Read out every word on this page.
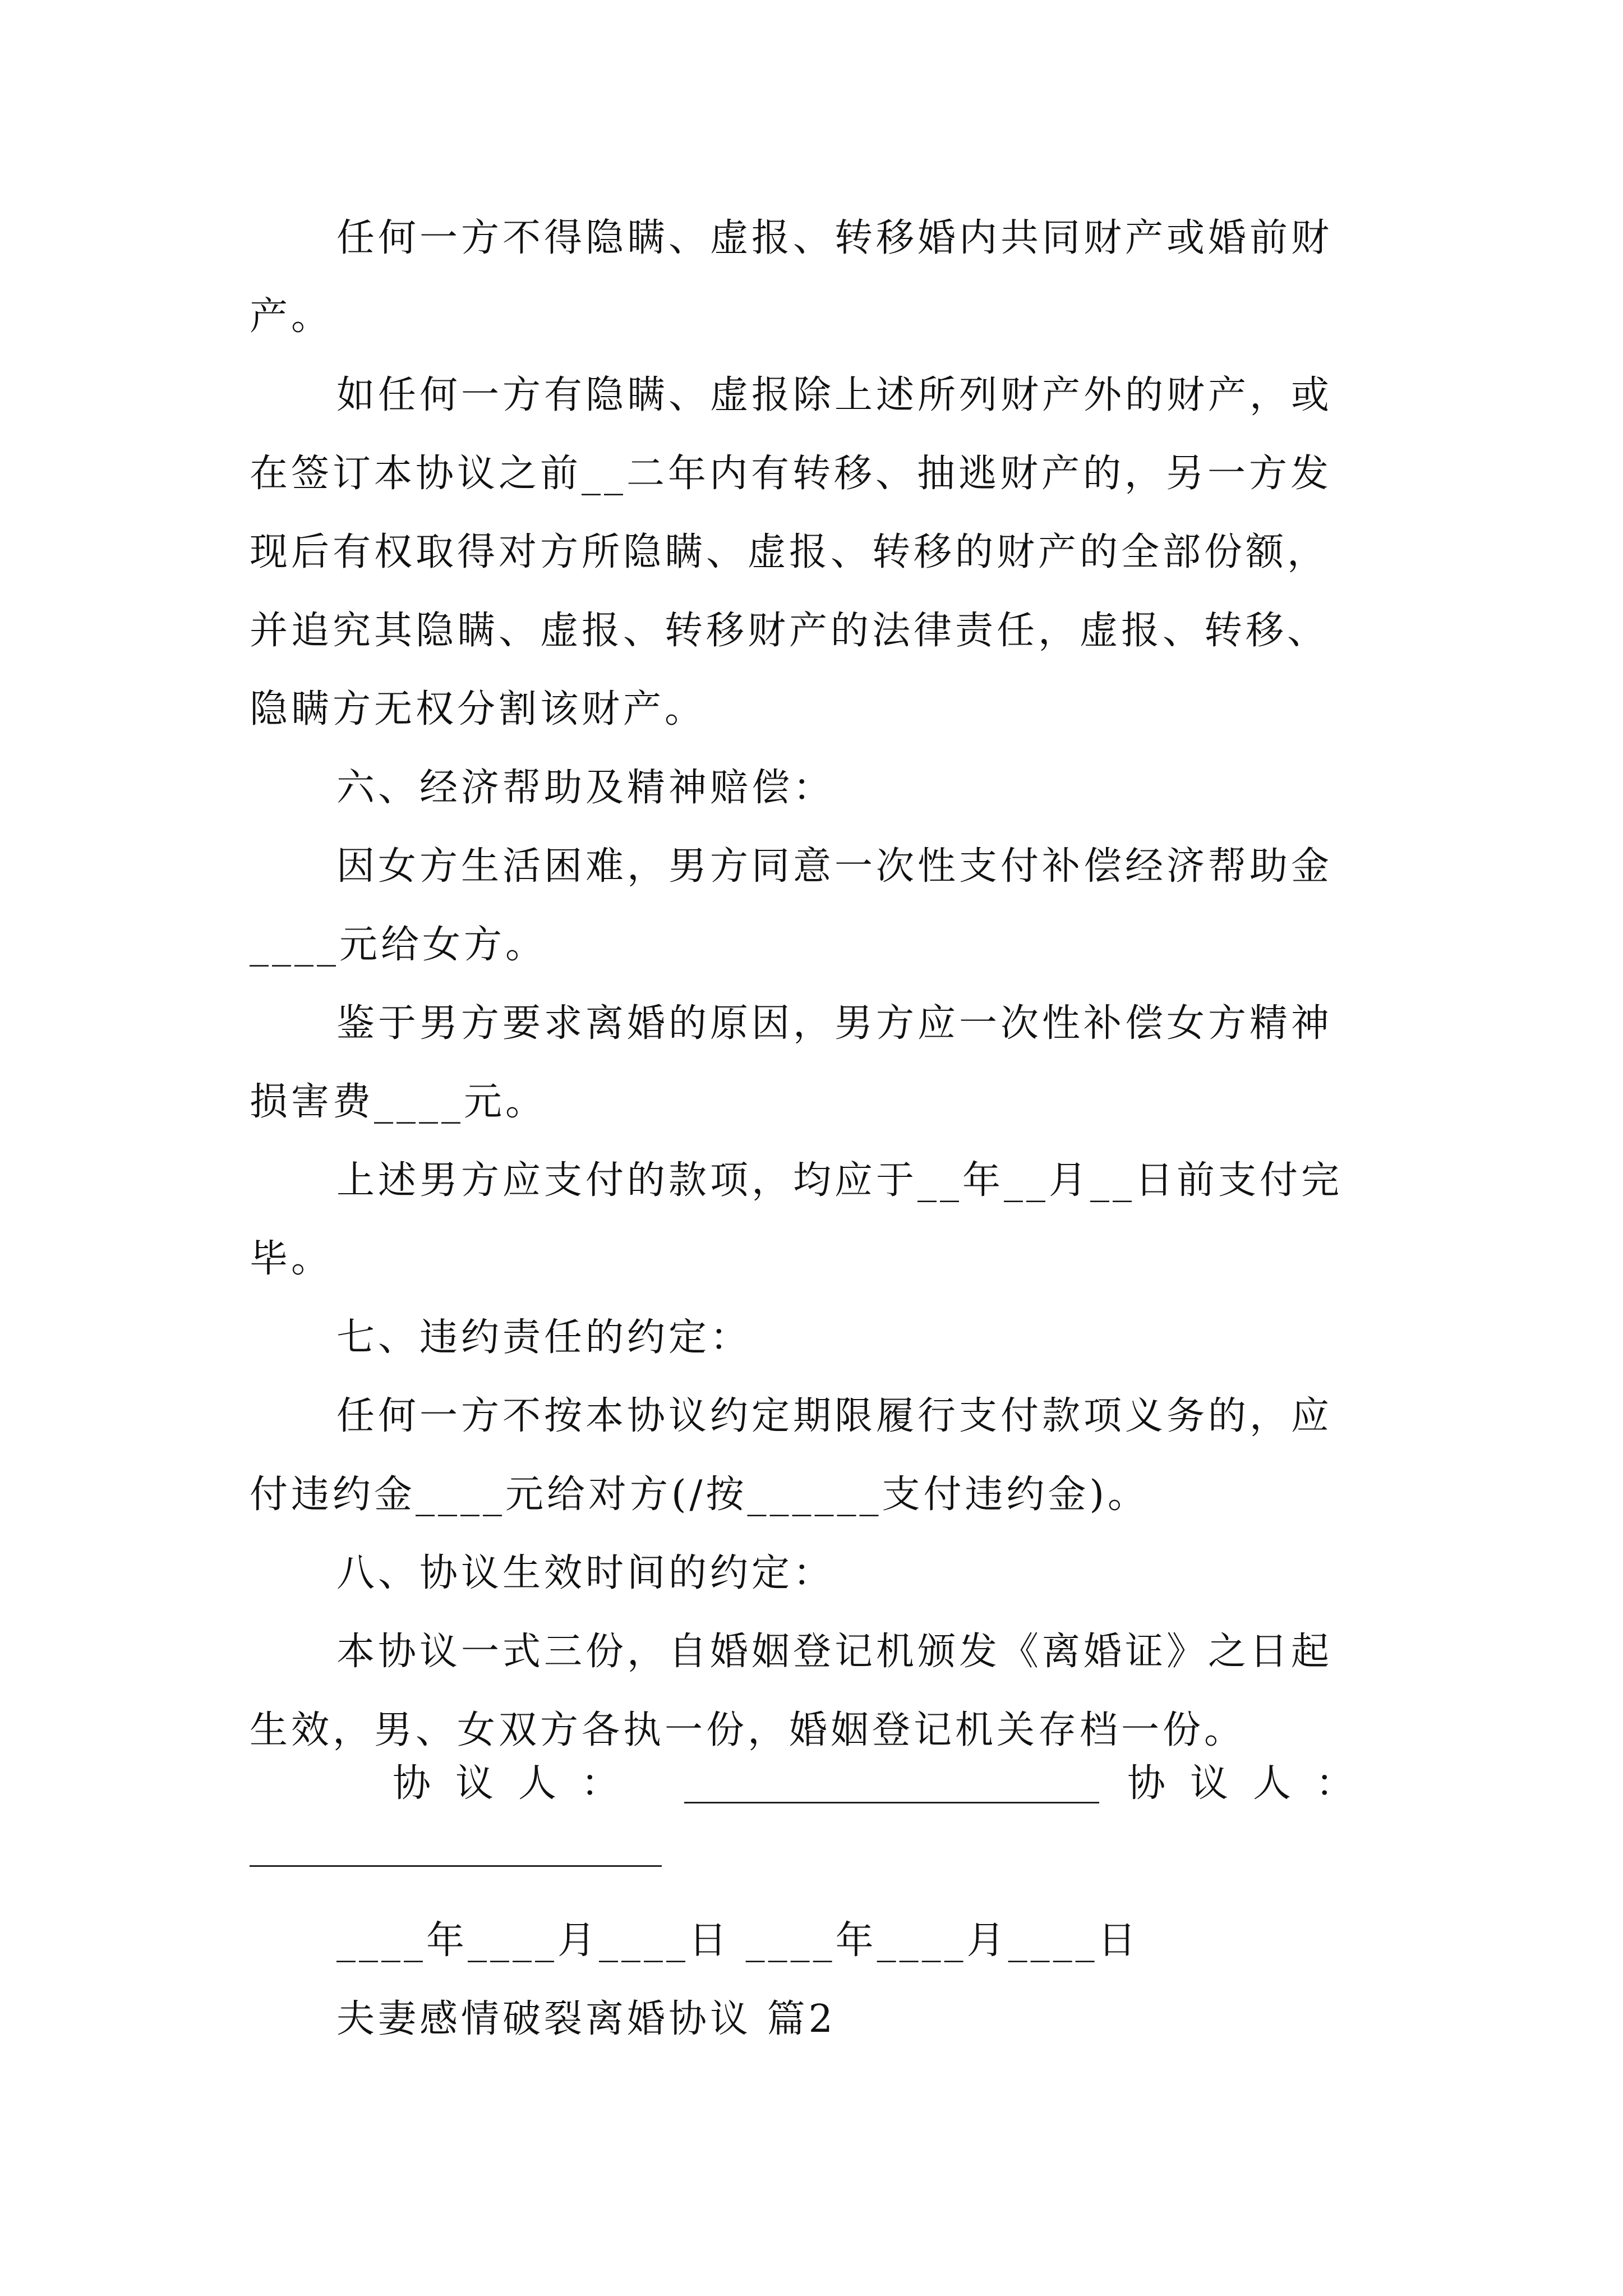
任何一方不得隐瞒、虚报、转移婚内共同财产或婚前财
产。
如任何一方有隐瞒、虚报除上述所列财产外的财产，或
在签订本协议之前__二年内有转移、抽逃财产的，另一方发
现后有权取得对方所隐瞒、虚报、转移的财产的全部份额，
并追究其隐瞒、虚报、转移财产的法律责任，虚报、转移、
隐瞒方无权分割该财产。
六、经济帮助及精神赔偿：
因女方生活困难，男方同意一次性支付补偿经济帮助金
____元给女方。
鉴于男方要求离婚的原因，男方应一次性补偿女方精神
损害费____元。
上述男方应支付的款项，均应于__年__月__日前支付完
毕。
七、违约责任的约定：
任何一方不按本协议约定期限履行支付款项义务的，应
付违约金____元给对方(/按______支付违约金)。
八、协议生效时间的约定：
本协议一式三份，自婚姻登记机颁发《离婚证》之日起
生效，男、女双方各执一份，婚姻登记机关存档一份。
协议人：	协议人：
____年____月____日 ____年____月____日
夫妻感情破裂离婚协议 篇2
